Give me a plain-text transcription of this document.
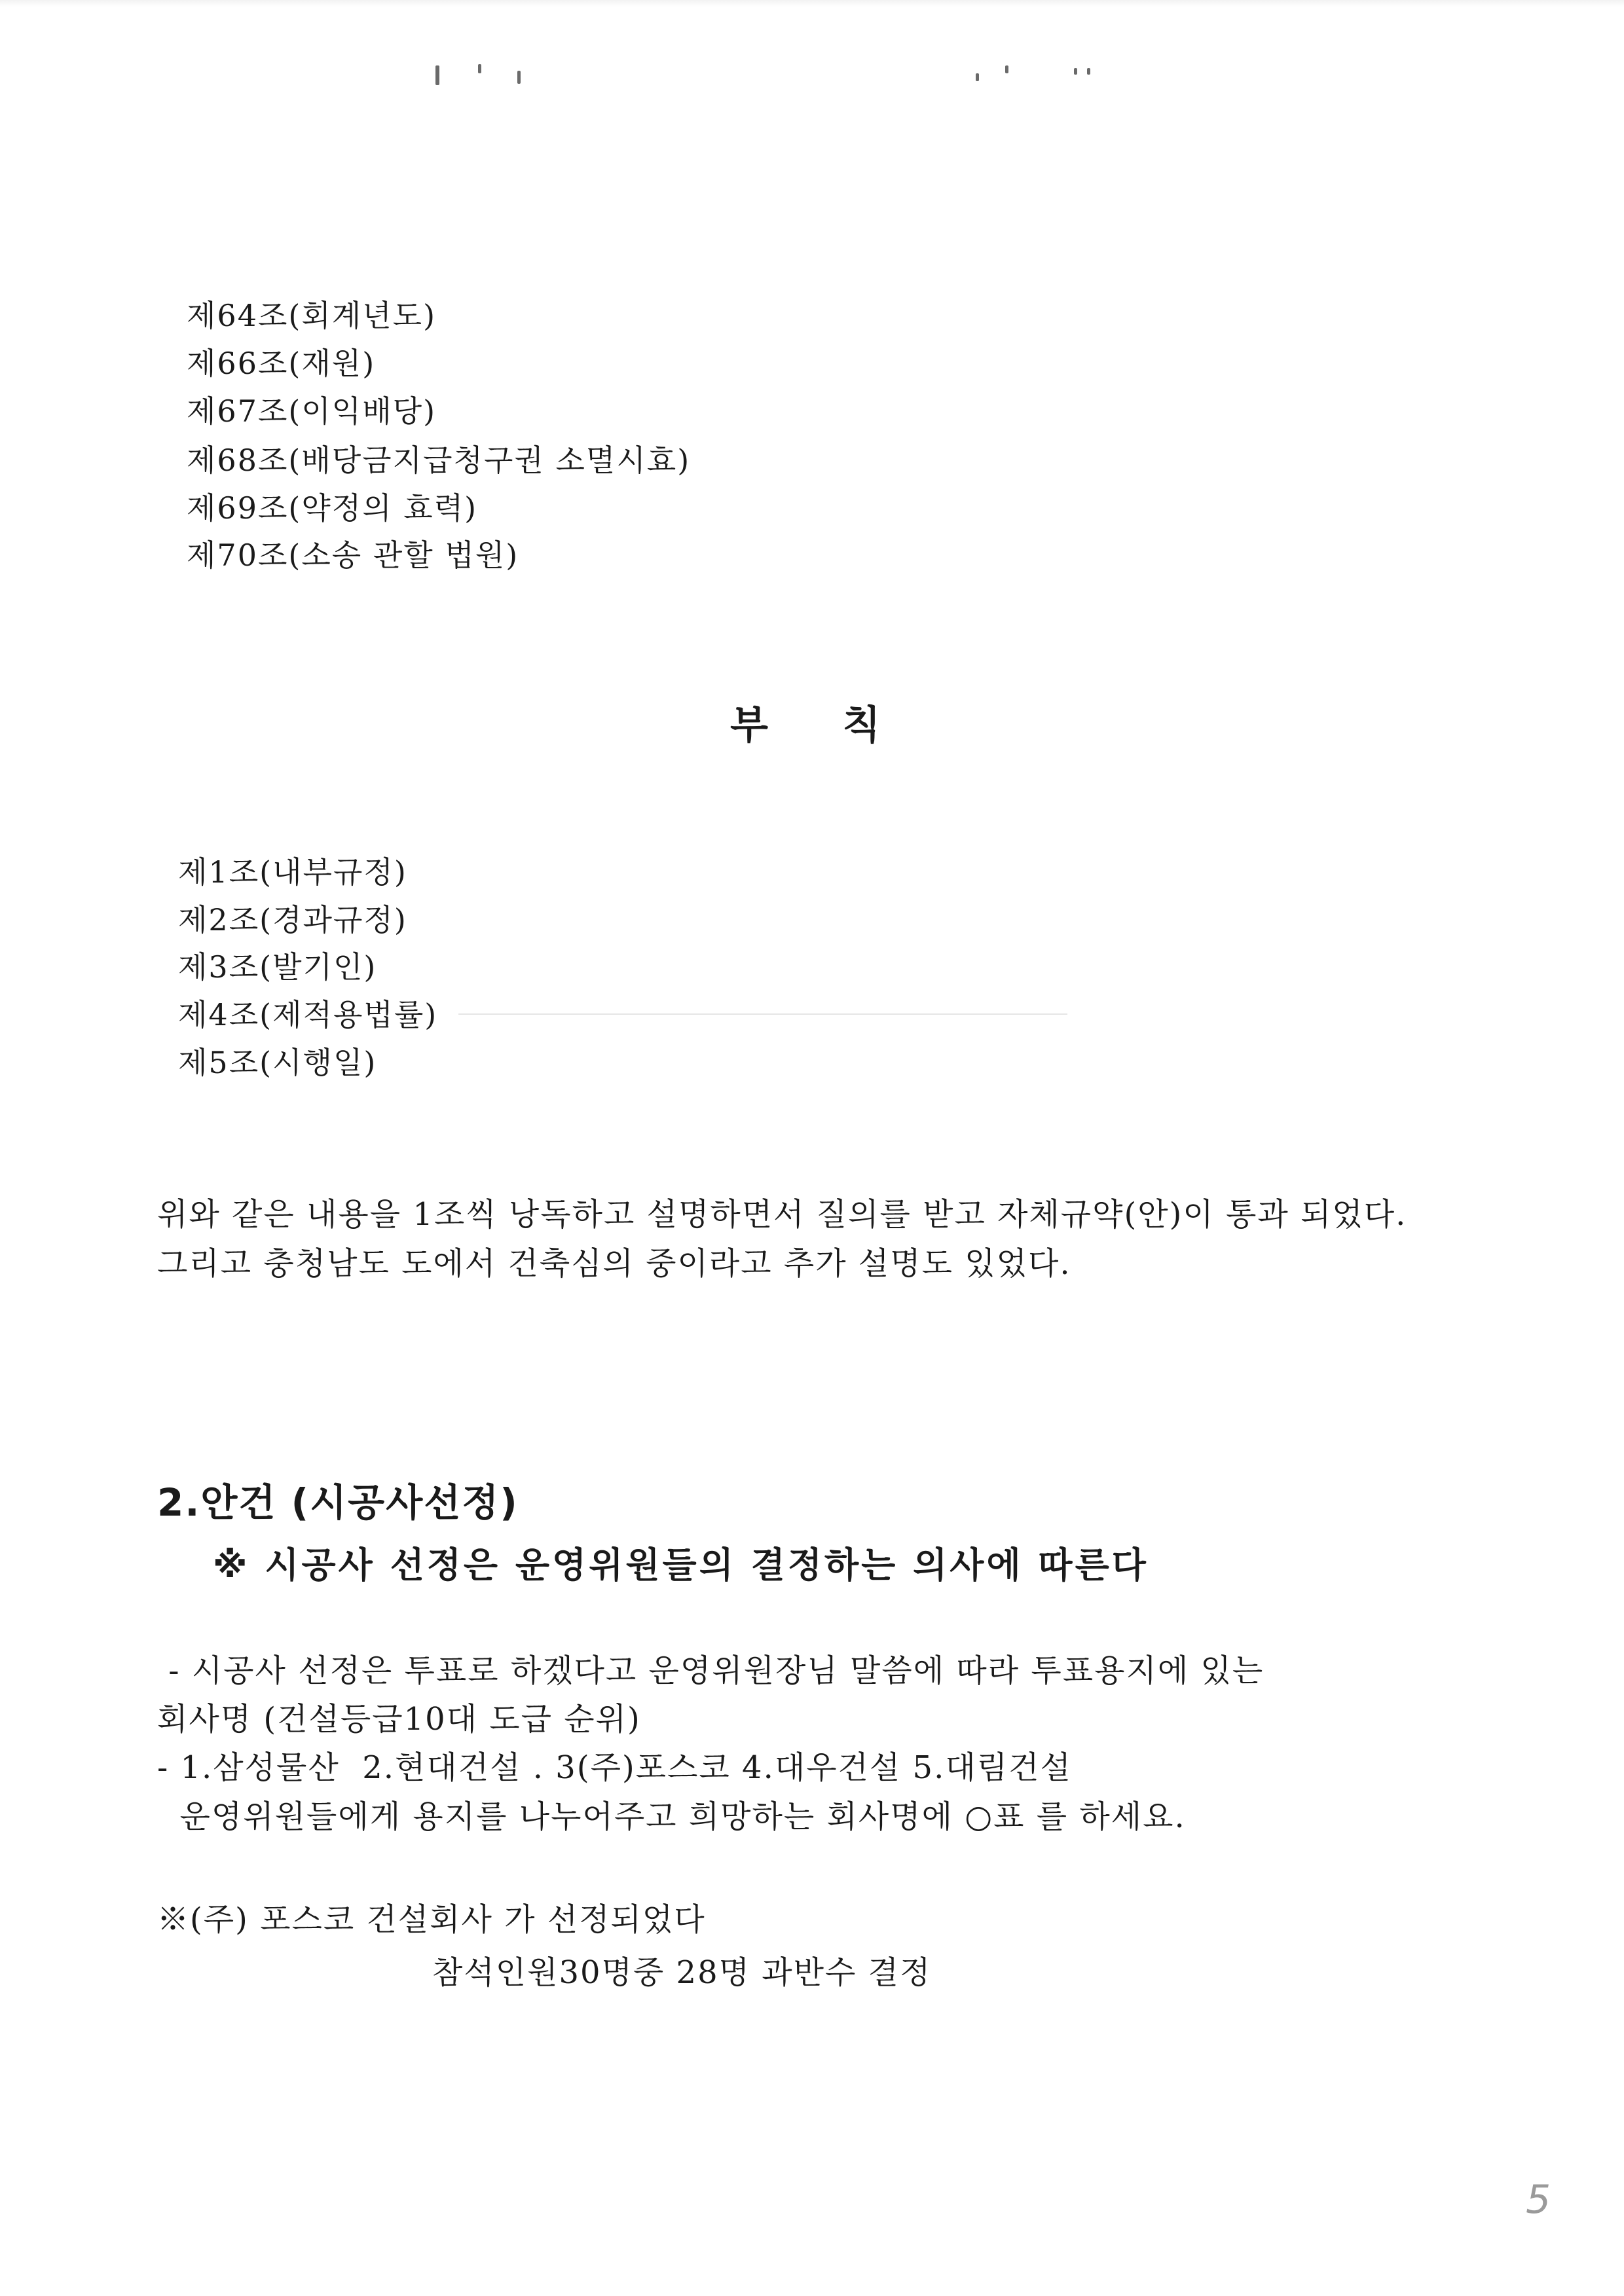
제64조(회계년도)
제66조(재원)
제67조(이익배당)
제68조(배당금지급청구권 소멸시효)
제69조(약정의 효력)
제70조(소송 관할 법원)
부    칙
제1조(내부규정)
제2조(경과규정)
제3조(발기인)
제4조(제적용법률)
제5조(시행일)
위와 같은 내용을 1조씩 낭독하고 설명하면서 질의를 받고 자체규약(안)이 통과 되었다.
그리고 충청남도 도에서 건축심의 중이라고 추가 설명도 있었다.
2.안건 (시공사선정)
※ 시공사 선정은 운영위원들의 결정하는 의사에 따른다
- 시공사 선정은 투표로 하겠다고 운영위원장님 말씀에 따라 투표용지에 있는
회사명 (건설등급10대 도급 순위)
- 1.삼성물산  2.현대건설 . 3(주)포스코 4.대우건설 5.대림건설
운영위원들에게 용지를 나누어주고 희망하는 회사명에 ○표 를 하세요.
※(주) 포스코 건설회사 가 선정되었다
참석인원30명중 28명 과반수 결정
5
